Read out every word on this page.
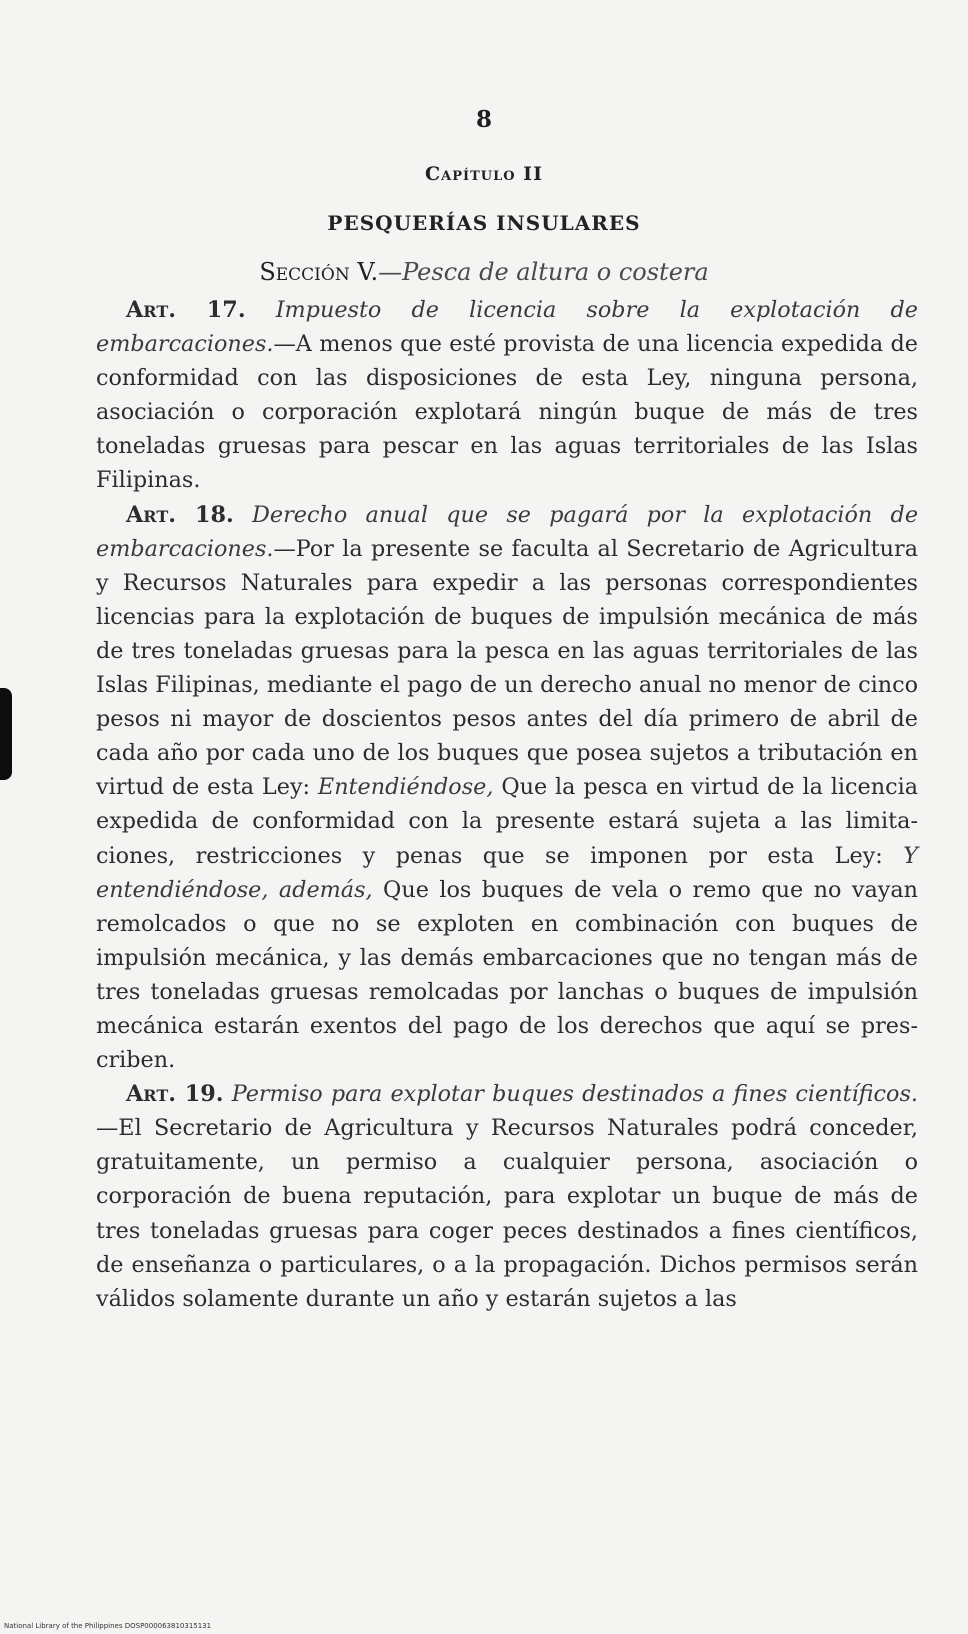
8
Capítulo II
PESQUERÍAS INSULARES
Sección V.—Pesca de altura o costera

Art. 17. Impuesto de licencia sobre la explotación de embarcaciones.—A menos que esté provista de una licencia expedida de conformidad con las disposiciones de esta Ley, ninguna persona, asociación o corporación explotará ningún buque de más de tres toneladas gruesas para pescar en las aguas territoriales de las Islas Filipinas.

Art. 18. Derecho anual que se pagará por la explotación de embarcaciones.—Por la presente se faculta al Secretario de Agricultura y Recursos Naturales para expedir a las personas correspondientes licencias para la explotación de buques de impulsión mecánica de más de tres toneladas gruesas para la pesca en las aguas territoriales de las Islas Filipinas, mediante el pago de un derecho anual no menor de cinco pesos ni mayor de doscientos pesos antes del día primero de abril de cada año por cada uno de los buques que posea sujetos a tributación en virtud de esta Ley: Entendiéndose, Que la pesca en virtud de la licencia expedida de conformidad con la presente estará sujeta a las limitaciones, restricciones y penas que se imponen por esta Ley: Y entendiéndose, además, Que los buques de vela o remo que no vayan remolcados o que no se exploten en combinación con buques de impulsión mecánica, y las demás embarcaciones que no tengan más de tres toneladas gruesas remolcadas por lanchas o buques de impulsión mecánica estarán exentos del pago de los derechos que aquí se prescriben.

Art. 19. Permiso para explotar buques destinados a fines científicos.—El Secretario de Agricultura y Recursos Naturales podrá conceder, gratuitamente, un permiso a cualquier persona, asociación o corporación de buena reputación, para explotar un buque de más de tres toneladas gruesas para coger peces destinados a fines científicos, de enseñanza o particulares, o a la propagación. Dichos permisos serán válidos solamente durante un año y estarán sujetos a las

National Library of the Philippines DOSP000063810315131
